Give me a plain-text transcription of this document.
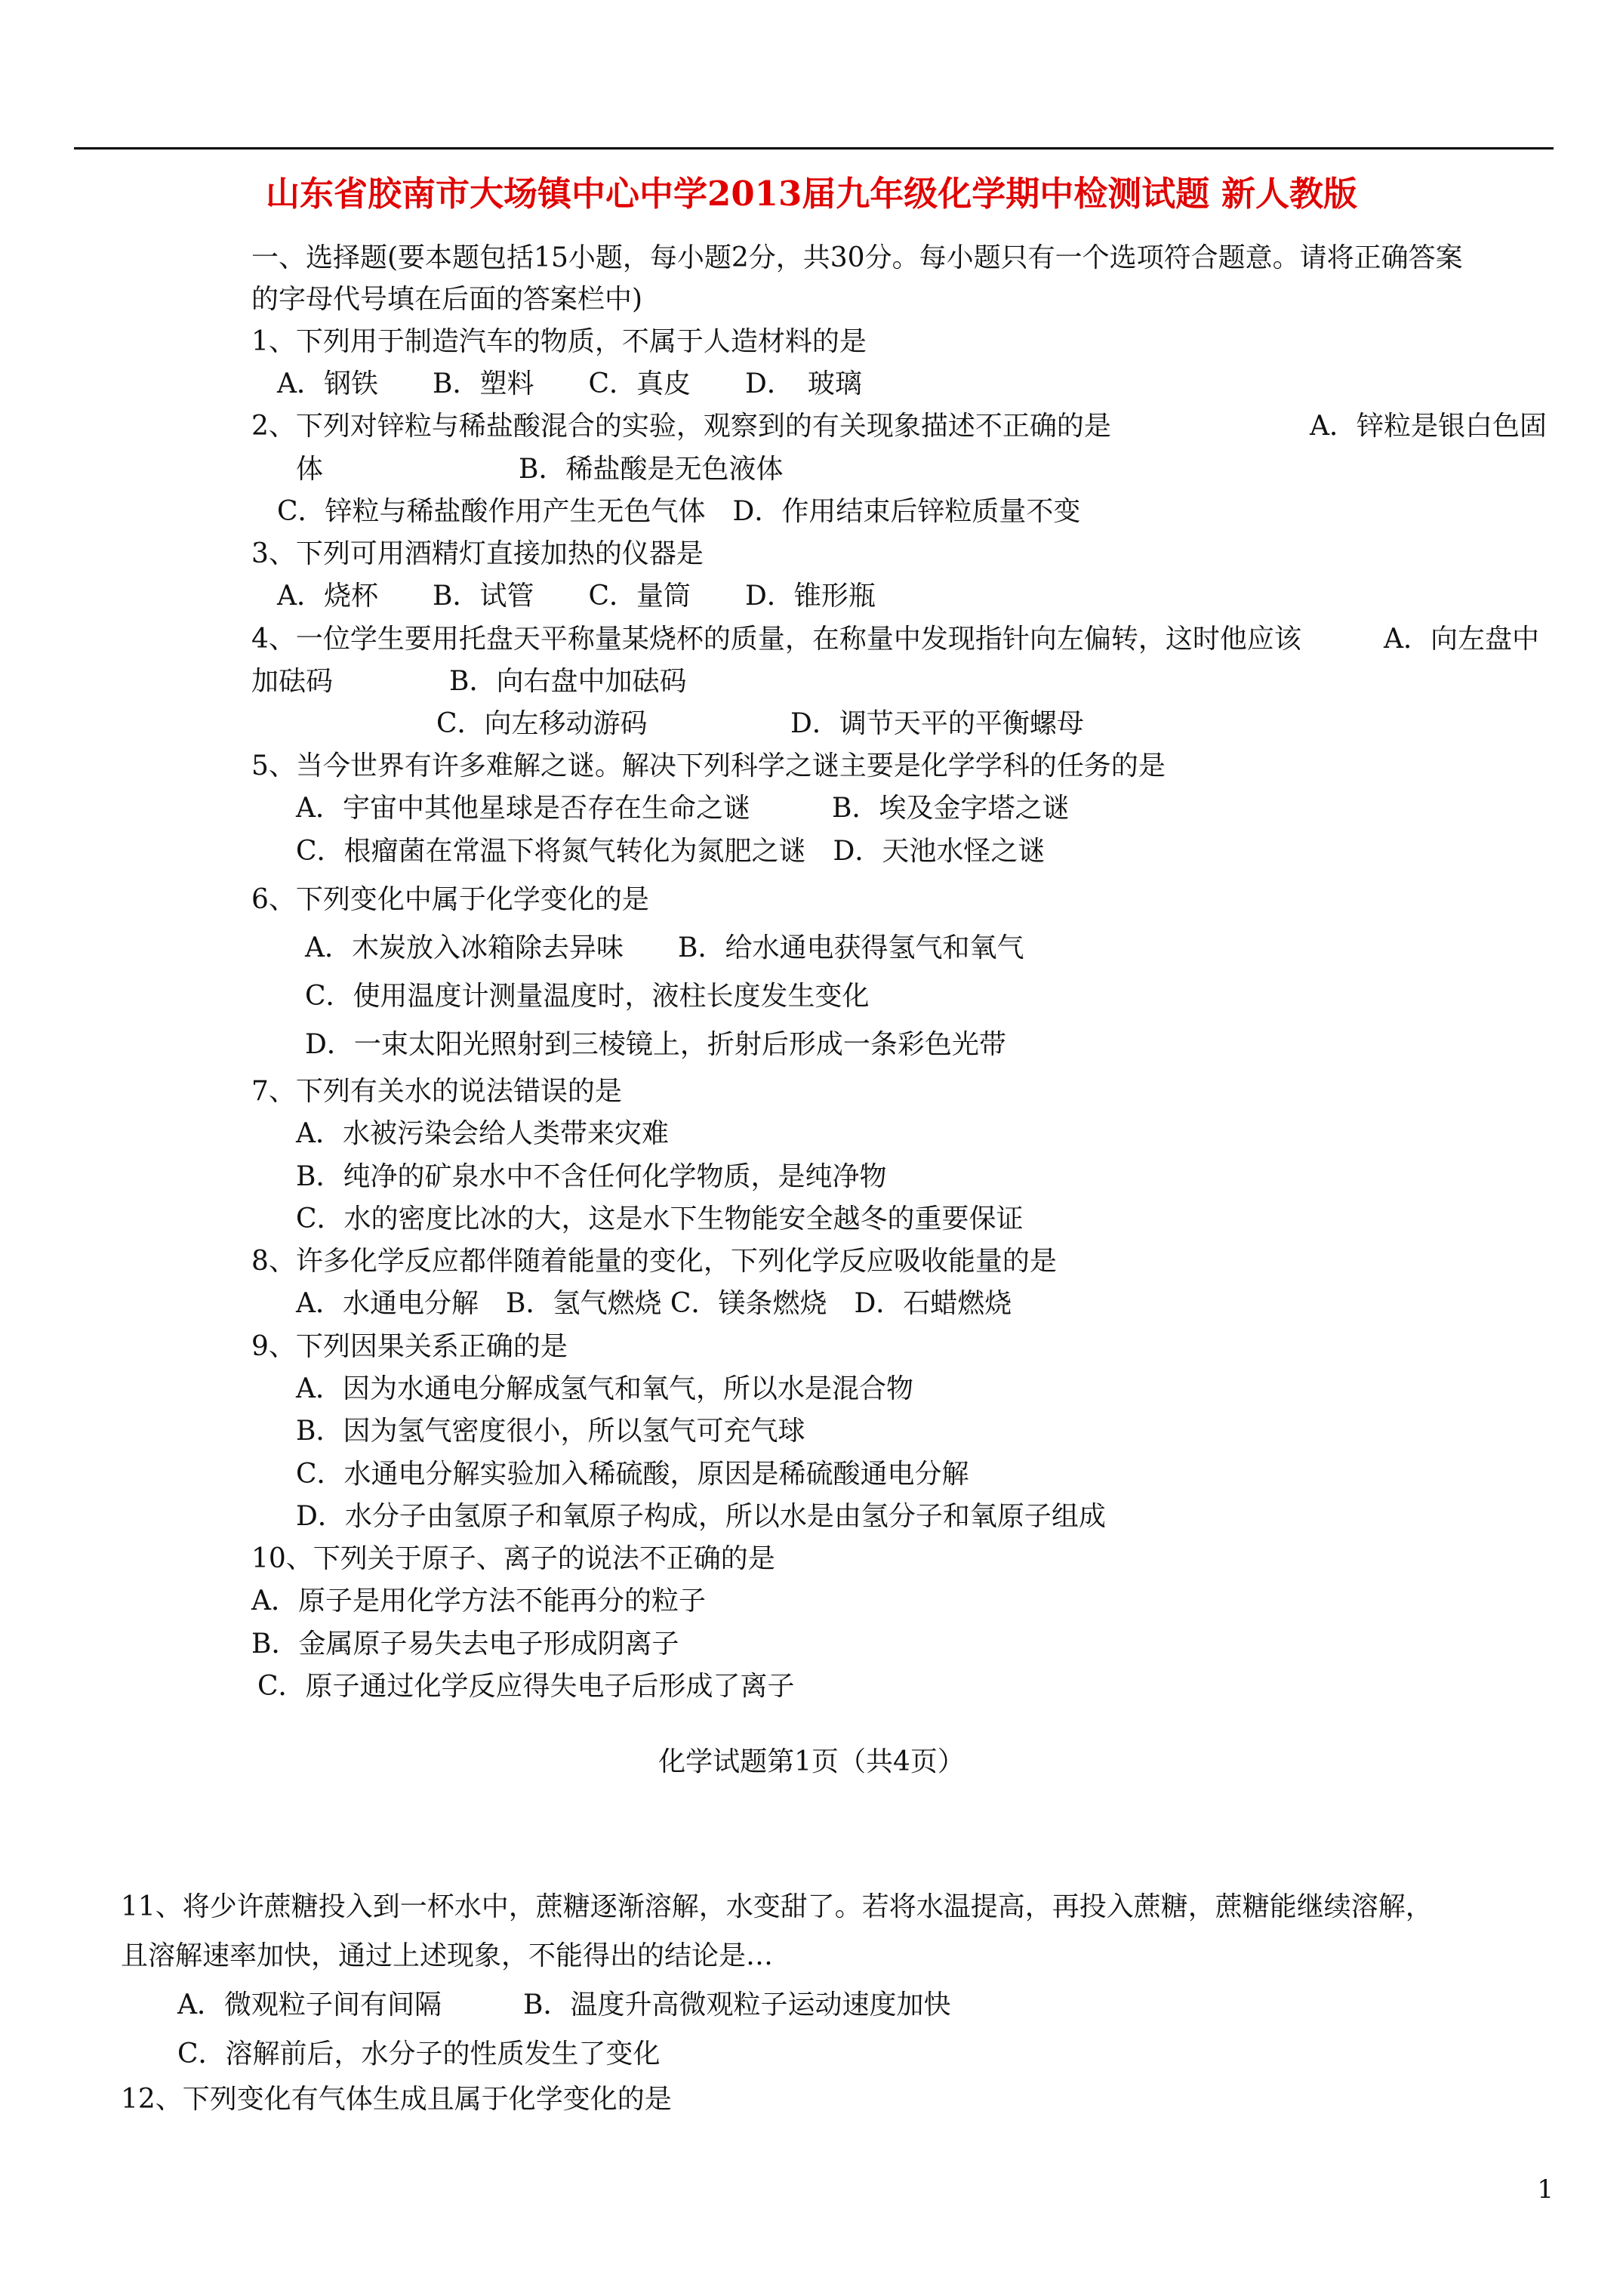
山东省胶南市大场镇中心中学2013届九年级化学期中检测试题 新人教版
一、选择题(要本题包括15小题，每小题2分，共30分。每小题只有一个选项符合题意。请将正确答案
的字母代号填在后面的答案栏中)
1、下列用于制造汽车的物质，不属于人造材料的是
A．钢铁　　B．塑料　　C．真皮　　D．　玻璃
2、下列对锌粒与稀盐酸混合的实验，观察到的有关现象描述不正确的是	A．锌粒是银白色固
体	B．稀盐酸是无色液体
C．锌粒与稀盐酸作用产生无色气体　D．作用结束后锌粒质量不变
3、下列可用酒精灯直接加热的仪器是
A．烧杯　　B．试管　　C．量筒　　D．锥形瓶
4、一位学生要用托盘天平称量某烧杯的质量，在称量中发现指针向左偏转，这时他应该	A．向左盘中
加砝码	B．向右盘中加砝码
C．向左移动游码	D．调节天平的平衡螺母
5、当今世界有许多难解之谜。解决下列科学之谜主要是化学学科的任务的是
A．宇宙中其他星球是否存在生命之谜　　　B．埃及金字塔之谜
C．根瘤菌在常温下将氮气转化为氮肥之谜　D．天池水怪之谜
6、下列变化中属于化学变化的是
A．木炭放入冰箱除去异味　　B．给水通电获得氢气和氧气
C．使用温度计测量温度时，液柱长度发生变化
D．一束太阳光照射到三棱镜上，折射后形成一条彩色光带
7、下列有关水的说法错误的是
A．水被污染会给人类带来灾难
B．纯净的矿泉水中不含任何化学物质，是纯净物
C．水的密度比冰的大，这是水下生物能安全越冬的重要保证
8、许多化学反应都伴随着能量的变化，下列化学反应吸收能量的是
A．水通电分解　B．氢气燃烧 C．镁条燃烧　D．石蜡燃烧
9、下列因果关系正确的是
A．因为水通电分解成氢气和氧气，所以水是混合物
B．因为氢气密度很小，所以氢气可充气球
C．水通电分解实验加入稀硫酸，原因是稀硫酸通电分解
D．水分子由氢原子和氧原子构成，所以水是由氢分子和氧原子组成
10、下列关于原子、离子的说法不正确的是
A．原子是用化学方法不能再分的粒子
B．金属原子易失去电子形成阴离子
C．原子通过化学反应得失电子后形成了离子
化学试题第1页（共4页）
11、将少许蔗糖投入到一杯水中，蔗糖逐渐溶解，水变甜了。若将水温提高，再投入蔗糖，蔗糖能继续溶解，
且溶解速率加快，通过上述现象，不能得出的结论是…
A．微观粒子间有间隔　　　B．温度升高微观粒子运动速度加快
C．溶解前后，水分子的性质发生了变化
12、下列变化有气体生成且属于化学变化的是
1
